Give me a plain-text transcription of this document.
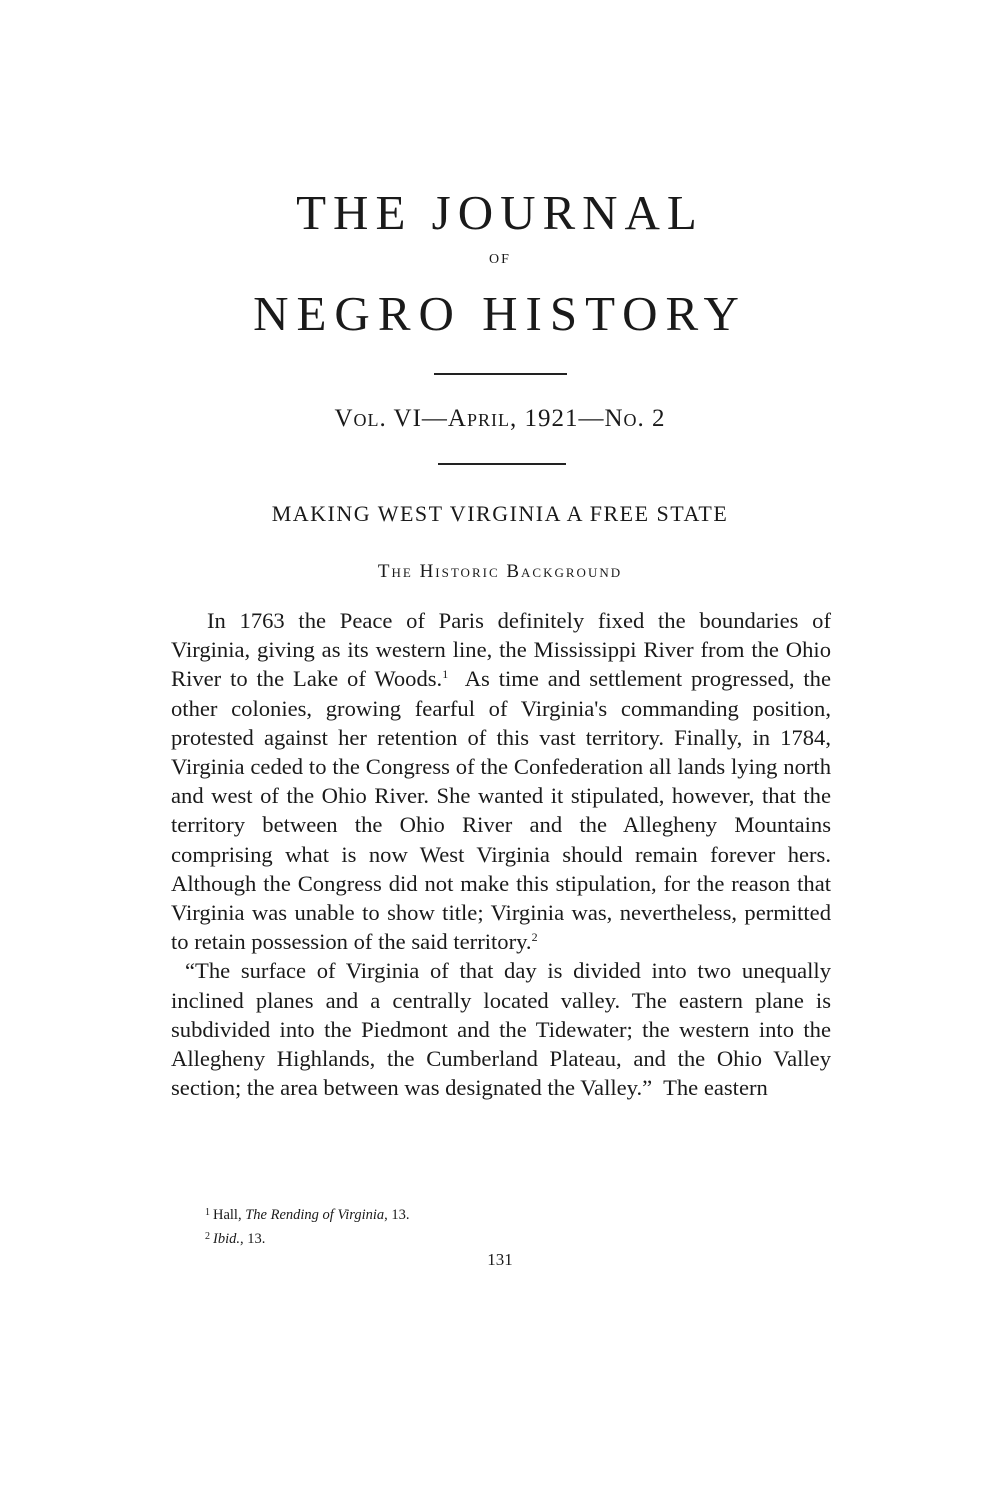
THE JOURNAL
OF
NEGRO HISTORY
Vol. VI—April, 1921—No. 2
MAKING WEST VIRGINIA A FREE STATE
The Historic Background

In 1763 the Peace of Paris definitely fixed the boundaries of Virginia, giving as its western line, the Mississippi River from the Ohio River to the Lake of Woods.$^1$  As time and settlement progressed, the other colonies, growing fearful of Virginia's commanding position, protested against her retention of this vast territory. Finally, in 1784, Virginia ceded to the Congress of the Confederation all lands lying north and west of the Ohio River. She wanted it stipulated, however, that the territory between the Ohio River and the Allegheny Mountains comprising what is now West Virginia should remain forever hers. Although the Congress did not make this stipulation, for the reason that Virginia was unable to show title; Virginia was, nevertheless, permitted to retain possession of the said territory.$^2$

“The surface of Virginia of that day is divided into two unequally inclined planes and a centrally located valley. The eastern plane is subdivided into the Piedmont and the Tidewater; the western into the Allegheny Highlands, the Cumberland Plateau, and the Ohio Valley section; the area between was designated the Valley.”  The eastern

$^1$ Hall, The Rending of Virginia, 13.

$^2$ Ibid., 13.

131
